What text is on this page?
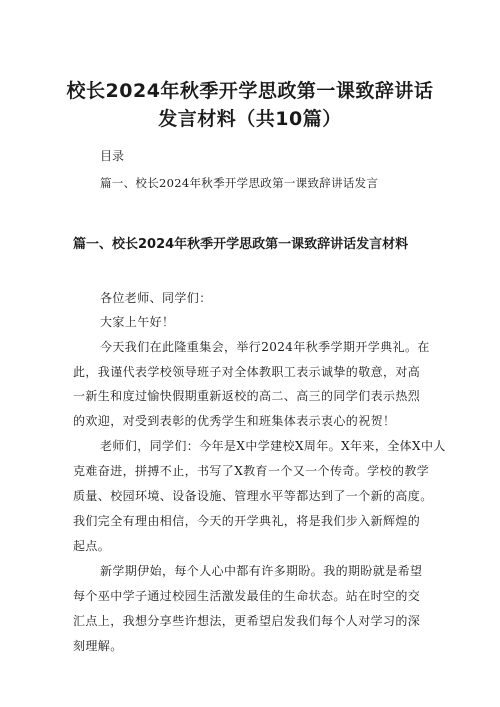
校长2024年秋季开学思政第一课致辞讲话
发言材料（共10篇）
目录
篇一、校长2024年秋季开学思政第一课致辞讲话发言
篇一、校长2024年秋季开学思政第一课致辞讲话发言材料
各位老师、同学们：
大家上午好！
今天我们在此隆重集会，举行2024年秋季学期开学典礼。在
此，我谨代表学校领导班子对全体教职工表示诚挚的敬意，对高
一新生和度过愉快假期重新返校的高二、高三的同学们表示热烈
的欢迎，对受到表彰的优秀学生和班集体表示衷心的祝贺！
老师们，同学们：今年是X中学建校X周年。X年来，全体X中人
克难奋进，拼搏不止，书写了X教育一个又一个传奇。学校的教学
质量、校园环境、设备设施、管理水平等都达到了一个新的高度。
我们完全有理由相信，今天的开学典礼，将是我们步入新辉煌的
起点。
新学期伊始，每个人心中都有许多期盼。我的期盼就是希望
每个巫中学子通过校园生活激发最佳的生命状态。站在时空的交
汇点上，我想分享些许想法，更希望启发我们每个人对学习的深
刻理解。
